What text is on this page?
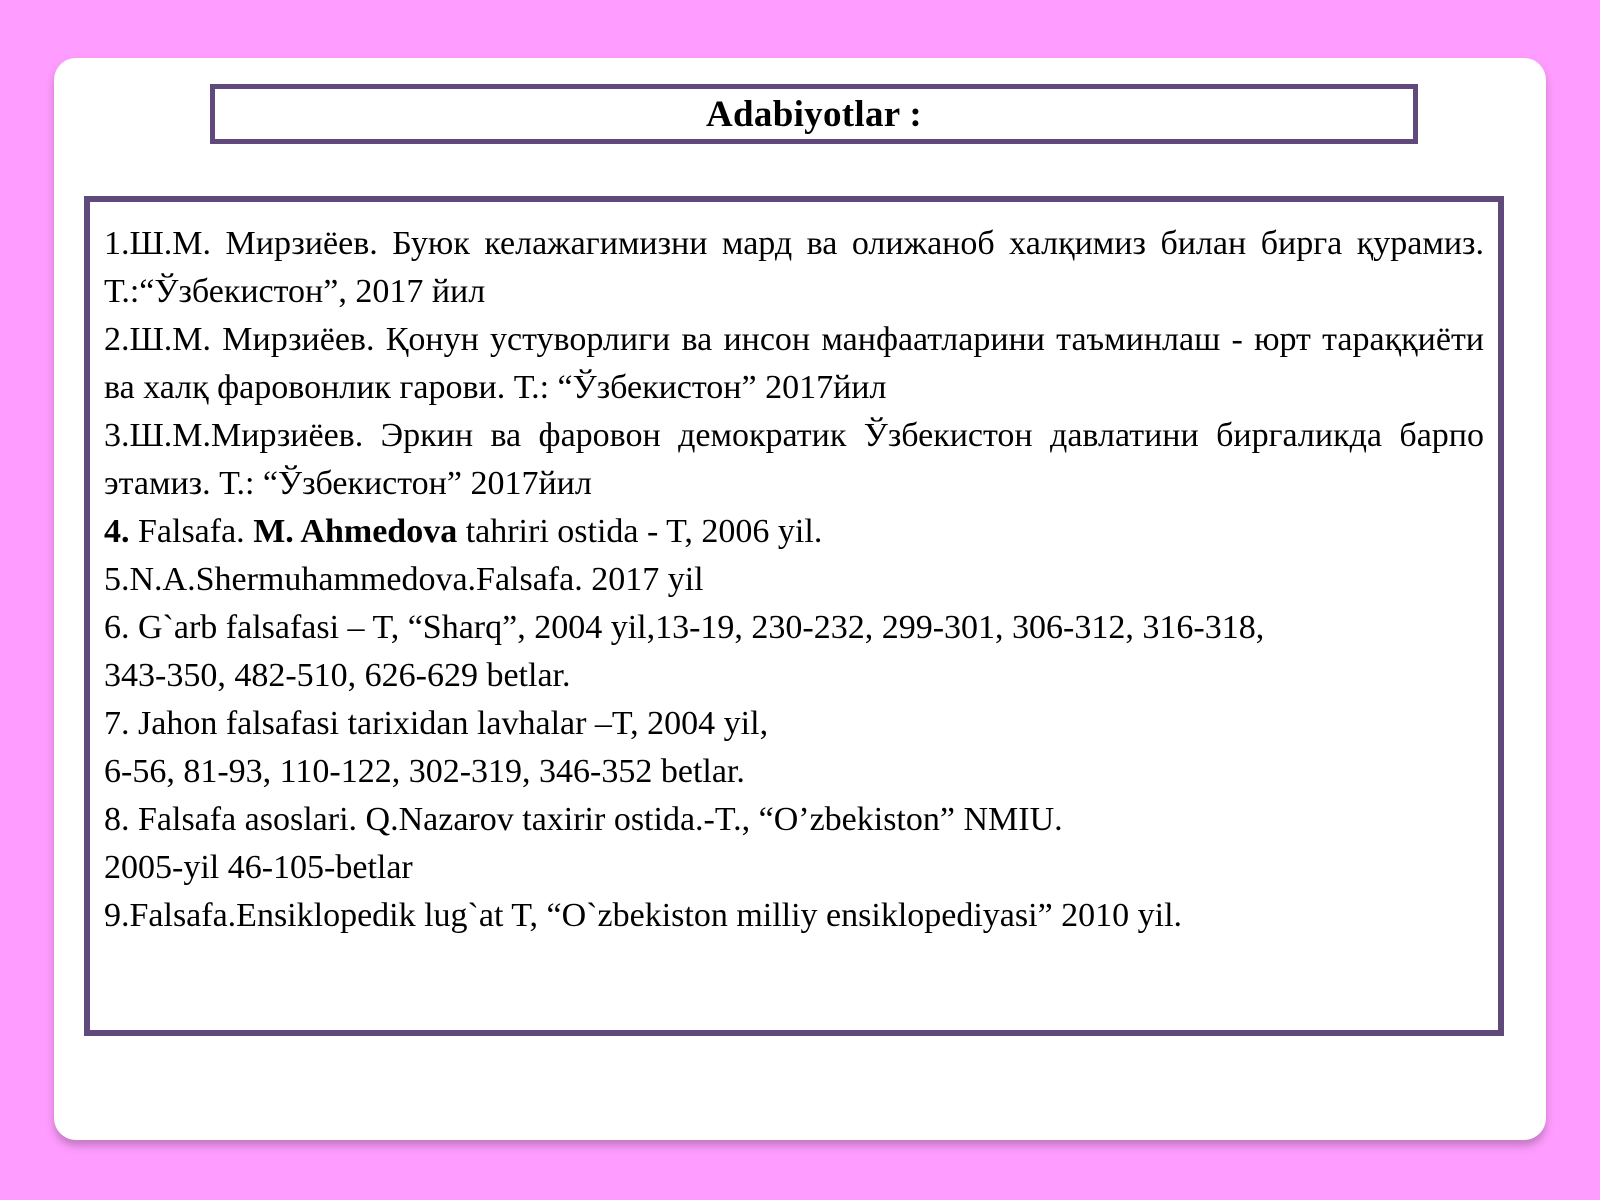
Adabiyotlar :
1.Ш.М. Мирзиёев. Буюк келажагимизни мард ва олижаноб халқимиз билан бирга қурамиз. Т.:“Ўзбекистон”, 2017 йил
2.Ш.М. Мирзиёев. Қонун устуворлиги ва инсон манфаатларини таъминлаш - юрт тараққиёти ва халқ фаровонлик гарови. Т.: “Ўзбекистон” 2017йил
3.Ш.М.Мирзиёев. Эркин ва фаровон демократик Ўзбекистон давлатини биргаликда барпо этамиз. Т.: “Ўзбекистон” 2017йил
4. Falsafa. M. Ahmedova tahriri ostida - T, 2006 yil.
5.N.A.Shermuhammedova.Falsafa. 2017 yil
6. G`arb falsafasi – T, “Sharq”, 2004 yil,13-19, 230-232, 299-301, 306-312, 316-318,
343-350, 482-510, 626-629 betlar.
7. Jahon falsafasi tarixidan lavhalar –T, 2004 yil,
6-56, 81-93, 110-122, 302-319, 346-352 betlar.
8. Falsafa asoslari. Q.Nazarov taxirir ostida.-T., “O’zbekiston” NMIU.
2005-yil 46-105-betlar
9.Falsafa.Ensiklopedik lug`at T, “O`zbekiston milliy ensiklopediyasi” 2010 yil.
